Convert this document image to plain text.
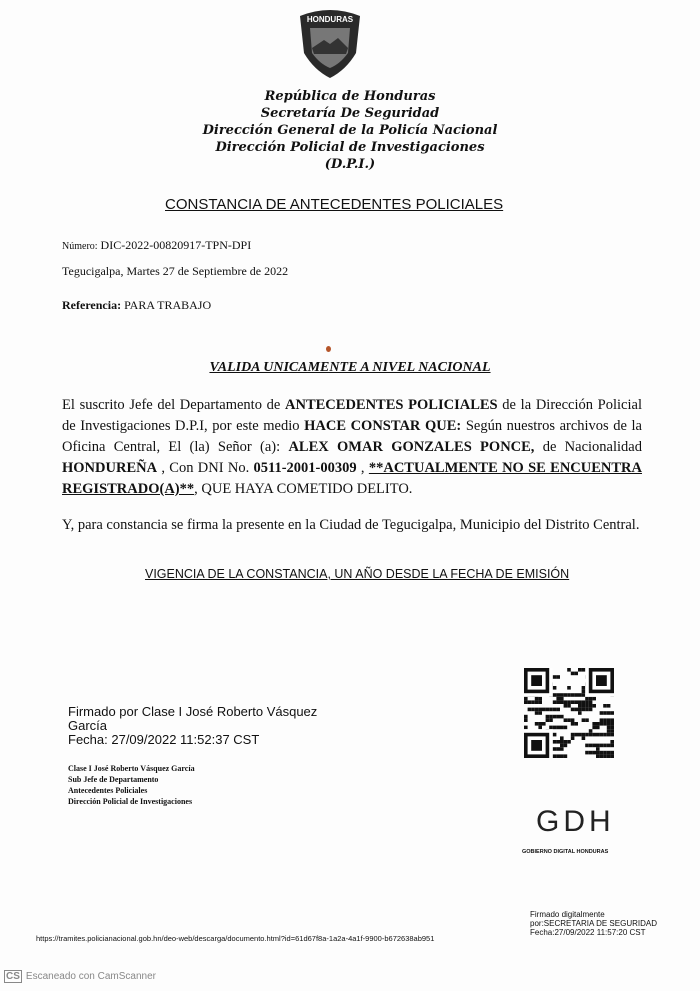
HONDURAS
República de Honduras
Secretaría De Seguridad
Dirección General de la Policía Nacional
Dirección Policial de Investigaciones
(D.P.I.)
CONSTANCIA DE ANTECEDENTES POLICIALES
Número: DIC-2022-00820917-TPN-DPI
Tegucigalpa, Martes 27 de Septiembre de 2022
Referencia: PARA TRABAJO
VALIDA UNICAMENTE A NIVEL NACIONAL
El suscrito Jefe del Departamento de ANTECEDENTES POLICIALES de la Dirección Policial de Investigaciones D.P.I, por este medio HACE CONSTAR QUE: Según nuestros archivos de la Oficina Central, El (la) Señor (a): ALEX OMAR GONZALES PONCE, de Nacionalidad HONDUREÑA , Con DNI No. 0511-2001-00309 , **ACTUALMENTE NO SE ENCUENTRA REGISTRADO(A)**, QUE HAYA COMETIDO DELITO.
Y, para constancia se firma la presente en la Ciudad de Tegucigalpa, Municipio del Distrito Central.
VIGENCIA DE LA CONSTANCIA, UN AÑO DESDE LA FECHA DE EMISIÓN
Firmado por Clase I José Roberto Vásquez
García
Fecha: 27/09/2022 11:52:37 CST
Clase I José Roberto Vásquez García
Sub Jefe de Departamento
Antecedentes Policiales
Dirección Policial de Investigaciones
GDH
GOBIERNO DIGITAL HONDURAS
Firmado digitalmente
por:SECRETARIA DE SEGURIDAD
Fecha:27/09/2022 11:57:20 CST
https://tramites.policianacional.gob.hn/deo-web/descarga/documento.html?id=61d67f8a-1a2a-4a1f-9900-b672638ab951
CS Escaneado con CamScanner
